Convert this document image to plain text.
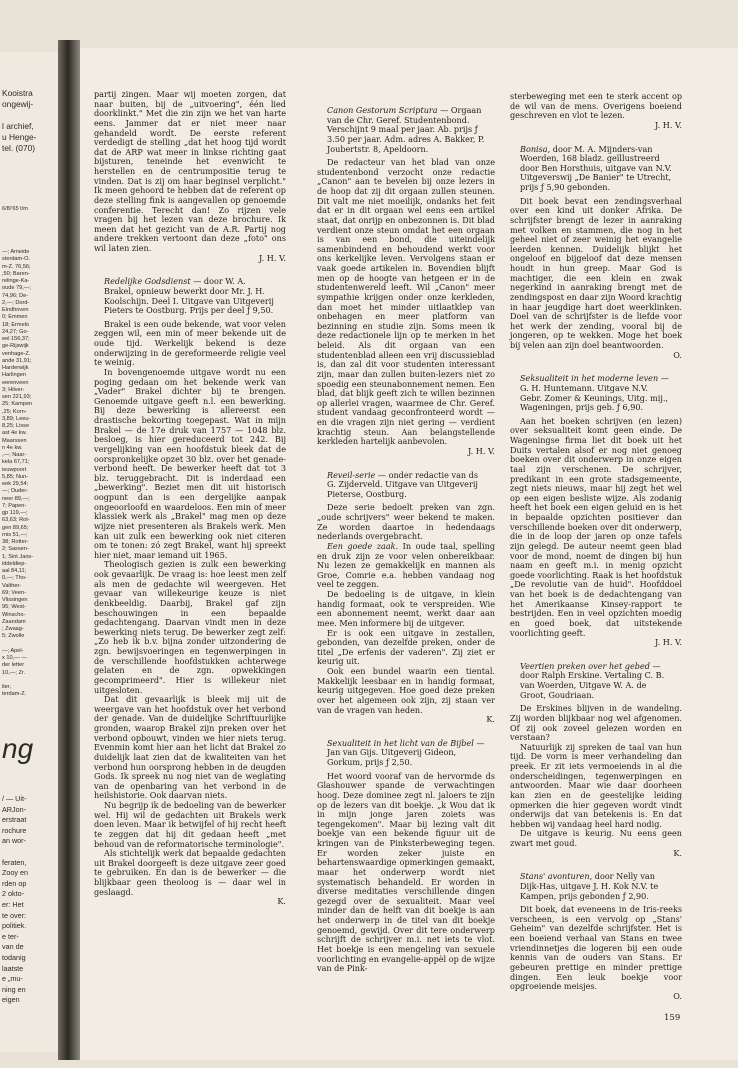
Kooistra
ongewij-

l archief,
u Henge-
tel. (070)
6/8/'65 t/m
—; Ameide
sterdam-O.
m-Z. 76,56;
,50; Baren-
relinge-Ka-
oude 79,—;
74,96; De-
2,—; Dord-
Eindhoven
0; Emmen
18; Ermelo
24,27; Go-
eel 156,37;
ge-Rijswijk
venhage-Z.
ande 31,91;
Harderwijk
Harlingen
eerenveen
3; Hilver-
sen 221,93;
25; Kampen
,25; Korn-
3,89; Leeu-
8,25; Lisse
ast 4e kw.
Maarssen
n 4e kw.
,—; Naar-
kela 67,71;
ieuwpoort
5,85; Nun-
eek 29,54;
—; Ouder-
neer 89,—;
7; Papen-
gp 119,—;
63,63; Rot-
gen 89,65;
rnis 51,—;
38; Rotter-
2; Sassen-
1; Sint Jans-
iddeldiep-
aal 84,11;
0,—; Tho-
Valther-
69; Veen-
Vlissingen
95; West-
Winscho-
Zaandam
; Zwaag-
5; Zwolle

—; Apel-
x 10,— —
der letter
10,—; Zr.

iter,
terdam-Z.
ng
/ — Uit-
ARJon-
erstraat
rochure
an wor-

feraten,
Zooy en
rden op
2 okto-
er: Het
te over:
politiek.
e ter-
van de
todanig
laatste
e „mu-
ning en
eigen

partij zingen. Maar wij moeten zorgen, dat naar buiten, bij de „uitvoering", één lied doorklinkt." Met die zin zijn we het van harte eens. Jammer dat er niet meer naar gehandeld wordt. De eerste referent verdedigt de stelling „dat het hoog tijd wordt dat de ARP wat meer in linkse richting gaat bijsturen, teneinde het evenwicht te herstellen en de centrumpositie terug te vinden. Dat is zij om haar beginsel verplicht." Ik meen gehoord te hebben dat de referent op deze stelling fink is aangevallen op genoemde conferentie. Terecht dan! Zo rijzen vele vragen bij het lezen van deze brochure. Ik meen dat het gezicht van de A.R. Partij nog andere trekken vertoont dan deze „foto" ons wil laten zien.

J. H. V.

Redelijke Godsdienst — door W. A. Brakel, opnieuw bewerkt door Mr. J. H. Koolschijn. Deel I. Uitgave van Uitgeverij Pieters te Oostburg. Prijs per deel ƒ 9,50.

Brakel is een oude bekende, wat voor velen zeggen wil, een min of meer bekende uit de oude tijd. Werkelijk bekend is deze onderwijzing in de gereformeerde religie veel te weinig.

In bovengenoemde uitgave wordt nu een poging gedaan om het bekende werk van „Vader" Brakel dichter bij te brengen. Genoemde uitgave geeft n.l. een bewerking. Bij deze bewerking is allereerst een drastische bekorting toegepast. Wat in mijn Brakel — de 17e druk van 1757 — 1048 blz. besloeg, is hier gereduceerd tot 242. Bij vergelijking van een hoofdstuk bleek dat de oorspronkelijke opzet 30 blz. over het genade-verbond heeft. De bewerker heeft dat tot 3 blz. teruggebracht. Dit is inderdaad een „bewerking". Beziet men dit uit historisch oogpunt dan is een dergelijke aanpak ongeoorloofd en waardeloos. Een min of meer klassiek werk als „Brakel" mag men op deze wijze niet presenteren als Brakels werk. Men kan uit zulk een bewerking ook niet citeren om te tonen: zó zegt Brakel, want hij spreekt hier niet, maar iemand uit 1965.

Theologisch gezien is zulk een bewerking ook gevaarlijk. De vraag is: hoe leest men zelf als men de gedachte wil weergeven. Het gevaar van willekeurige keuze is niet denkbeeldig. Daarbij, Brakel gaf zijn beschouwingen in een bepaalde gedachtengang. Daarvan vindt men in deze bewerking niets terug. De bewerker zegt zelf: „Zo heb ik b.v. bijna zonder uitzondering de zgn. bewijsvoeringen en tegenwerpingen in de verschillende hoofdstukken achterwege gelaten en de zgn. opwekkingen gecomprimeerd". Hier is willekeur niet uitgesloten.

Dat dit gevaarlijk is bleek mij uit de weergave van het hoofdstuk over het verbond der genade. Van de duidelijke Schriftuurlijke gronden, waarop Brakel zijn preken over het verbond opbouwt, vinden we hier niets terug. Evenmin komt hier aan het licht dat Brakel zo duidelijk laat zien dat de kwaliteiten van het verbond hun oorsprong hebben in de deugden Gods. Ik spreek nu nog niet van de weglating van de openbaring van het verbond in de heilshistorie. Ook daarvan niets.

Nu begrijp ik de bedoeling van de bewerker wel. Hij wil de gedachten uit Brakels werk doen leven. Maar ik betwijfel of hij recht heeft te zeggen dat hij dit gedaan heeft „met behoud van de reformatorische terminologie".

Als stichtelijk werk dat bepaalde gedachten uit Brakel doorgeeft is deze uitgave zeer goed te gebruiken. En dan is de bewerker — die blijkbaar geen theoloog is — daar wel in geslaagd.

K.

Canon Gestorum Scriptura — Orgaan van de Chr. Geref. Studentenbond. Verschijnt 9 maal per jaar. Ab. prijs ƒ 3.50 per jaar. Adm. adres A. Bakker, P. Joubertstr. 8, Apeldoorn.

De redacteur van het blad van onze studentenbond verzocht onze redactie „Canon" aan te bevelen bij onze lezers in de hoop dat zij dit orgaan zullen steunen. Dit valt me niet moeilijk, ondanks het feit dat er in dit orgaan wel eens een artikel staat, dat onrijp en onbezonnen is. Dit blad verdient onze steun omdat het een orgaan is van een bond, die uiteindelijk samenbindend en behoudend werkt voor ons kerkelijke leven. Vervolgens staan er vaak goede artikelen in. Bovendien blijft men op de hoogte van hetgeen er in de studentenwereld leeft. Wil „Canon" meer sympathie krijgen onder onze kerkleden, dan moet het minder uitlaatklep van onbehagen en meer platform van bezinning en studie zijn. Soms meen ik deze redactionele lijn op te merken in het beleid. Als dit orgaan van een studentenblad alleen een vrij discussieblad is, dan zal dit voor studenten interessant zijn, maar dan zullen buiten-lezers niet zo spoedig een steunabonnement nemen. Een blad, dat blijk geeft zich te willen bezinnen op allerlei vragen, waarmee de Chr. Geref. student vandaag geconfronteerd wordt — en die vragen zijn niet gering — verdient krachtig steun. Aan belangstellende kerkleden hartelijk aanbevolen.

J. H. V.

Reveil-serie — onder redactie van ds G. Zijderveld. Uitgave van Uitgeverij Pieterse, Oostburg.

Deze serie bedoelt preken van zgn. „oude schrijvers" weer bekend te maken. Ze worden daartoe in hedendaags nederlands overgebracht.

Een goede zaak. In oude taal, spelling en druk zijn ze voor velen onbereikbaar. Nu lezen ze gemakkelijk en mannen als Groe, Comrie e.a. hebben vandaag nog veel te zeggen.

De bedoeling is de uitgave, in klein handig formaat, ook te verspreiden. Wie een abonnement neemt, werkt daar aan mee. Men informere bij de uitgever.

Er is ook een uitgave in zestallen, gebonden, van dezelfde preken, onder de titel „De erfenis der vaderen". Zij ziet er keurig uit.

Ook een bundel waarin een tiental. Makkelijk leesbaar en in handig formaat, keurig uitgegeven. Hoe goed deze preken over het algemeen ook zijn, zij staan ver van de vragen van heden.

K.

Sexualiteit in het licht van de Bijbel — Jan van Gijs. Uitgeverij Gideon, Gorkum, prijs ƒ 2,50.

Het woord vooraf van de hervormde ds Glashouwer spande de verwachtingen hoog. Deze dominee zegt nl. jaloers te zijn op de lezers van dit boekje. „k Wou dat ik in mijn jonge jaren zoiets was tegengekomen". Maar bij lezing valt dit boekje van een bekende figuur uit de kringen van de Pinksterbeweging tegen. Er worden zeker juiste en behartenswaardige opmerkingen gemaakt, maar het onderwerp wordt niet systematisch behandeld. Er worden in diverse meditaties verschillende dingen gezegd over de sexualiteit. Maar veel minder dan de helft van dit boekje is aan het onderwerp in de titel van dit boekje genoemd, gewijd. Over dit tere onderwerp schrijft de schrijver m.i. net iets te vlot. Het boekje is een mengeling van sexuele voorlichting en evangelie-appèl op de wijze van de Pink-

sterbeweging met een te sterk accent op de wil van de mens. Overigens boeiend geschreven en vlot te lezen.

J. H. V.

Bonisa, door M. A. Mijnders-van Woerden, 168 bladz. geïllustreerd door Ben Horsthuis, uitgave van N.V. Uitgeverswij „De Banier" te Utrecht, prijs ƒ 5,90 gebonden.

Dit boek bevat een zendingsverhaal over een kind uit donker Afrika. De schrijfster brengt de lezer in aanraking met volken en stammen, die nog in het geheel niet of zeer weinig het evangelie leerden kennen. Duidelijk blijkt het ongeloof en bijgeloof dat deze mensen houdt in hun greep. Maar God is machtiger, die een klein en zwak negerkind in aanraking brengt met de zendingspost en daar zijn Woord krachtig in haar jeugdige hart doet weerklinken. Doel van de schrijfster is de liefde voor het werk der zending, vooral bij de jongeren, op te wekken. Moge het boek bij velen aan zijn doel beantwoorden.

O.

Seksualiteit in het moderne leven — G. H. Huntemann. Uitgave N.V. Gebr. Zomer & Keunings, Uitg. mij., Wageningen, prijs geb. ƒ 6,90.

Aan het boeken schrijven (en lezen) over seksualiteit komt geen einde. De Wageningse firma liet dit boek uit het Duits vertalen alsof er nog niet genoeg boeken over dit onderwerp in onze eigen taal zijn verschenen. De schrijver, predikant in een grote stadsgemeente, zegt niets nieuws, maar hij zegt het wel op een eigen besliste wijze. Als zodanig heeft het boek een eigen geluid en is het in bepaalde opzichten positiever dan verschillende boeken over dit onderwerp, die in de loop der jaren op onze tafels zijn gelegd. De auteur neemt geen blad voor de mond, noemt de dingen bij hun naam en geeft m.i. in menig opzicht goede voorlichting. Raak is het hoofdstuk „De revolutie van de huid". Hoofddoel van het boek is de dedachtengang van het Amerikaanse Kinsey-rapport te bestrijden. Een in veel opzichten moedig en goed boek, dat uitstekende voorlichting geeft.

J. H. V.

Veertien preken over het gebed — door Ralph Erskine. Vertaling C. B. van Woerden, Uitgave W. A. de Groot, Goudriaan.

De Erskines blijven in de wandeling. Zij worden blijkbaar nog wel afgenomen. Of zij ook zoveel gelezen worden en verstaan?

Natuurlijk zij spreken de taal van hun tijd. De vorm is meer verhandeling dan preek. Er zit iets vermoeiends in al die onderscheidingen, tegenwerpingen en antwoorden. Maar wie daar doorheen kan zien en de geestelijke leiding opmerken die hier gegeven wordt vindt onderwijs dat van betekenis is. En dat hebben wij vandaag heel hard nodig.

De uitgave is keurig. Nu eens geen zwart met goud.

K.

Stans' avonturen, door Nelly van Dijk-Has, uitgave J. H. Kok N.V. te Kampen, prijs gebonden ƒ 2,90.

Dit boek, dat eveneens in de Iris-reeks verscheen, is een vervolg op „Stans' Geheim" van dezelfde schrijfster. Het is een boeiend verhaal van Stans en twee vriendinnetjes die logeren bij een oude kennis van de ouders van Stans. Er gebeuren prettige en minder prettige dingen. Een leuk boekje voor opgroeiende meisjes.

O.

159
